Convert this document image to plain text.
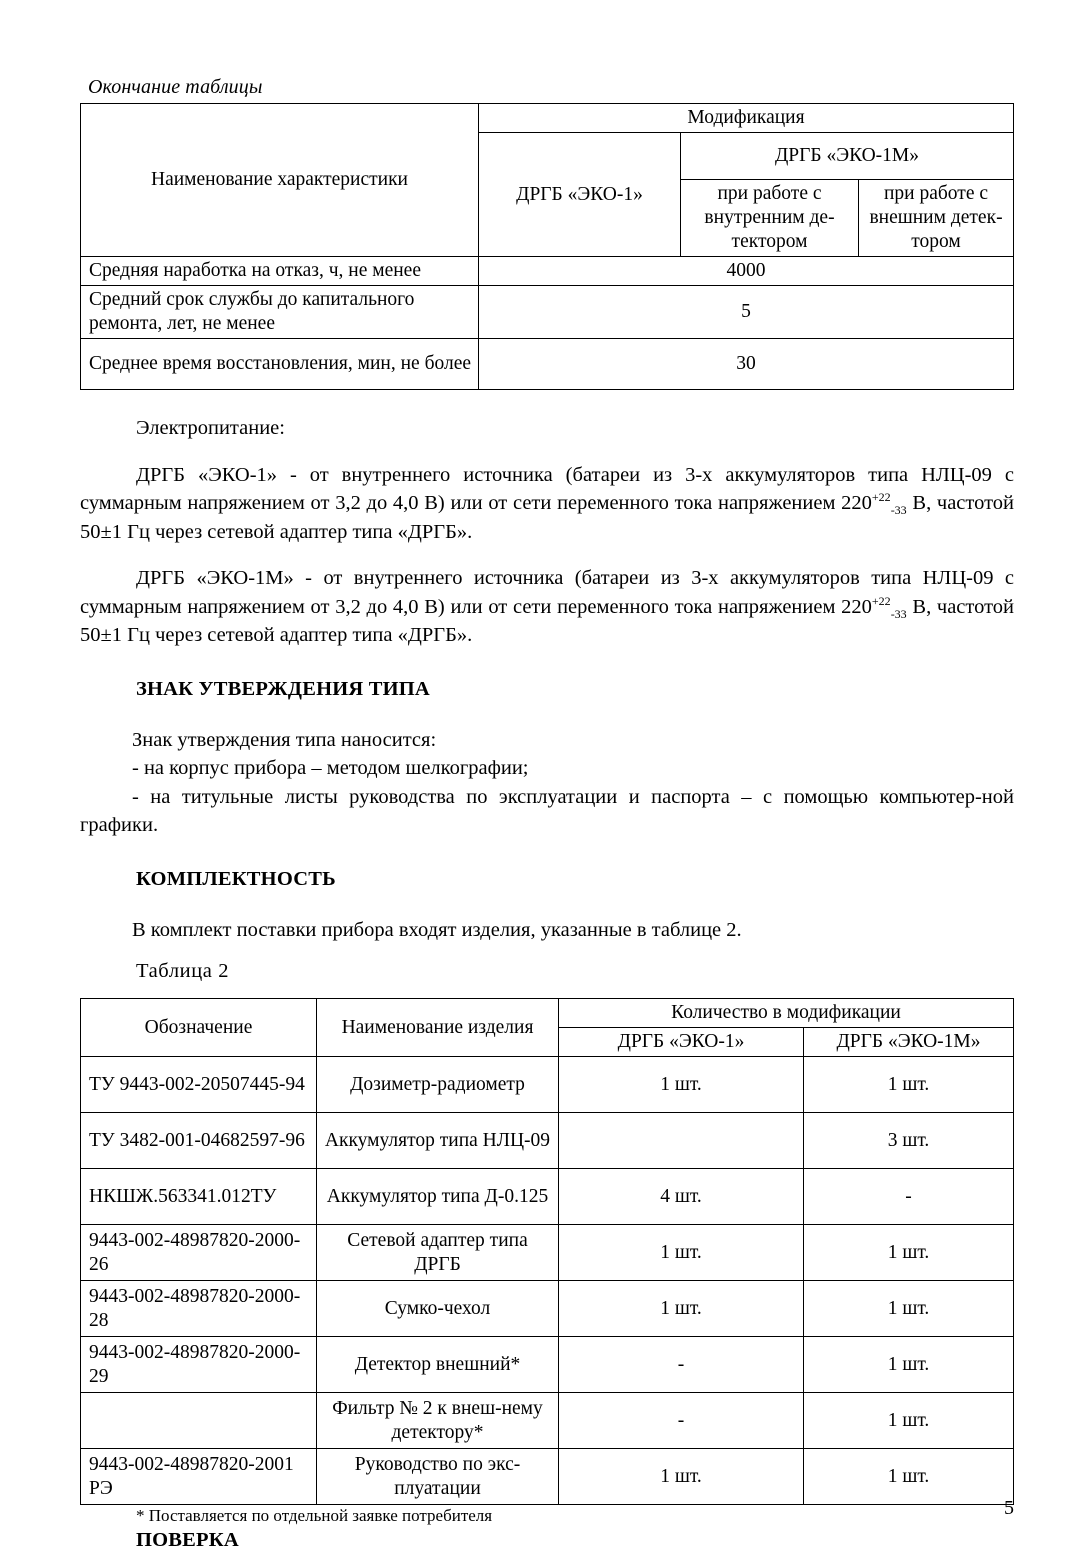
Окончание таблицы
Наименование характеристики	Модификация		
	ДРГБ «ЭКО-1»	ДРГБ «ЭКО-1М»	
		при работе с внутренним де-тектором	при работе с внешним детек-тором
Средняя наработка на отказ, ч, не менее	4000		
Средний срок службы до капитального ремонта, лет, не менее	5		
Среднее время восстановления, мин, не более	30		

Электропитание:

ДРГБ «ЭКО-1» - от внутреннего источника (батареи из 3-х аккумуляторов типа НЛЦ-09 с суммарным напряжением от 3,2 до 4,0 В) или от сети переменного тока напряжением $220^{+22}_{-33}$ В, частотой 50±1 Гц через сетевой адаптер типа «ДРГБ».

ДРГБ «ЭКО-1М» - от внутреннего источника (батареи из 3-х аккумуляторов типа НЛЦ-09 с суммарным напряжением от 3,2 до 4,0 В) или от сети переменного тока напряжением $220^{+22}_{-33}$ В, частотой 50±1 Гц через сетевой адаптер типа «ДРГБ».

ЗНАК УТВЕРЖДЕНИЯ ТИПА

Знак утверждения типа наносится:

- на корпус прибора – методом шелкографии;

- на титульные листы руководства по эксплуатации и паспорта – с помощью компьютер-ной графики.

КОМПЛЕКТНОСТЬ

В комплект поставки прибора входят изделия, указанные в таблице 2.

Таблица 2

Обозначение	Наименование изделия	Количество в модификации	
		ДРГБ «ЭКО-1»	ДРГБ «ЭКО-1М»
ТУ 9443-002-20507445-94	Дозиметр-радиометр	1 шт.	1 шт.
ТУ 3482-001-04682597-96	Аккумулятор типа НЛЦ-09		3 шт.
НКШЖ.563341.012ТУ	Аккумулятор типа Д-0.125	4 шт.	-
9443-002-48987820-2000-26	Сетевой адаптер типа ДРГБ	1 шт.	1 шт.
9443-002-48987820-2000-28	Сумко-чехол	1 шт.	1 шт.
9443-002-48987820-2000-29	Детектор внешний*	-	1 шт.
	Фильтр № 2 к внеш-нему детектору*	-	1 шт.
9443-002-48987820-2001 РЭ	Руководство по экс-плуатации	1 шт.	1 шт.

* Поставляется по отдельной заявке потребителя

ПОВЕРКА
5
